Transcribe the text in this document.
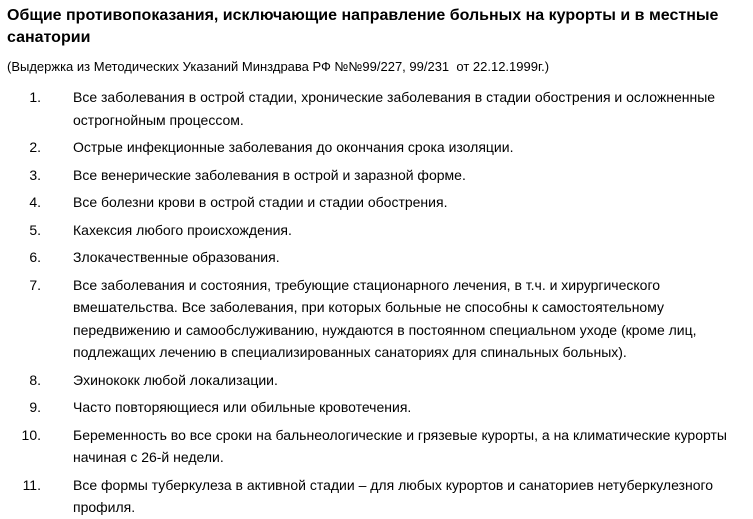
Общие противопоказания, исключающие направление больных на курорты и в местные санатории

(Выдержка из Методических Указаний Минздрава РФ №№99/227, 99/231  от 22.12.1999г.)

1. Все заболевания в острой стадии, хронические заболевания в стадии обострения и осложненные острогнойным процессом.
2. Острые инфекционные заболевания до окончания срока изоляции.
3. Все венерические заболевания в острой и заразной форме.
4. Все болезни крови в острой стадии и стадии обострения.
5. Кахексия любого происхождения.
6. Злокачественные образования.
7. Все заболевания и состояния, требующие стационарного лечения, в т.ч. и хирургического вмешательства. Все заболевания, при которых больные не способны к самостоятельному передвижению и самообслуживанию, нуждаются в постоянном специальном уходе (кроме лиц, подлежащих лечению в специализированных санаториях для спинальных больных).
8. Эхинококк любой локализации.
9. Часто повторяющиеся или обильные кровотечения.
10. Беременность во все сроки на бальнеологические и грязевые курорты, а на климатические курорты начиная с 26-й недели.
11. Все формы туберкулеза в активной стадии – для любых курортов и санаториев нетуберкулезного профиля.
